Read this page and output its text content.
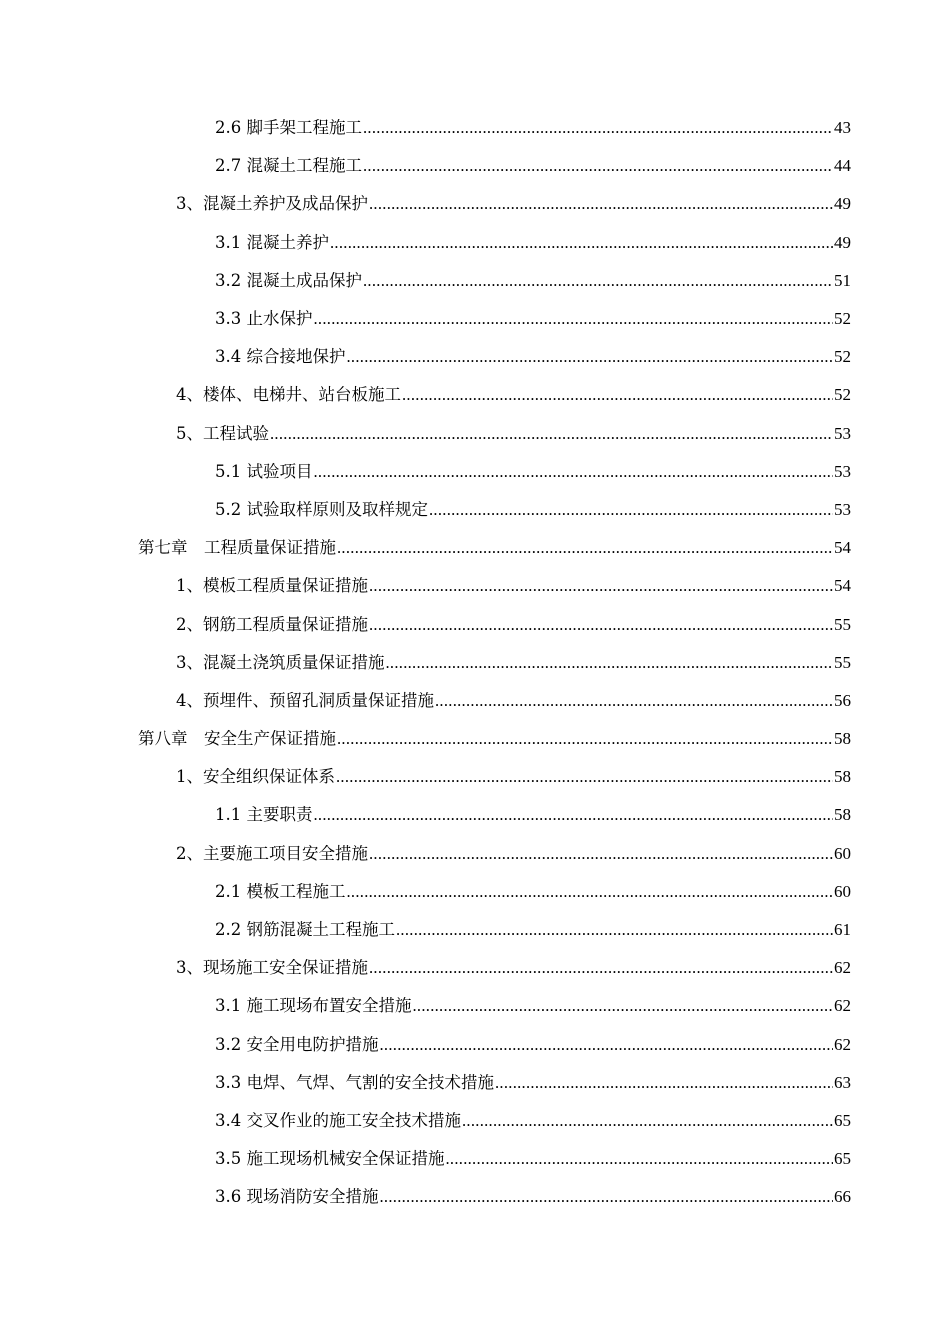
2.6 脚手架工程施工 .....	43
2.7 混凝土工程施工 .....	44
3、混凝土养护及成品保护 .....	49
3.1 混凝土养护 .....	49
3.2 混凝土成品保护 .....	51
3.3 止水保护 .....	52
3.4 综合接地保护 .....	52
4、楼体、电梯井、站台板施工 .....	52
5、工程试验 .....	53
5.1 试验项目 .....	53
5.2 试验取样原则及取样规定 .....	53
第七章　工程质量保证措施 .....	54
1、模板工程质量保证措施 .....	54
2、钢筋工程质量保证措施 .....	55
3、混凝土浇筑质量保证措施 .....	55
4、预埋件、预留孔洞质量保证措施 .....	56
第八章　安全生产保证措施 .....	58
1、安全组织保证体系 .....	58
1.1 主要职责 .....	58
2、主要施工项目安全措施 .....	60
2.1 模板工程施工 .....	60
2.2 钢筋混凝土工程施工 .....	61
3、现场施工安全保证措施 .....	62
3.1 施工现场布置安全措施 .....	62
3.2 安全用电防护措施 .....	62
3.3 电焊、气焊、气割的安全技术措施 .....	63
3.4 交叉作业的施工安全技术措施 .....	65
3.5 施工现场机械安全保证措施 .....	65
3.6 现场消防安全措施 .....	66
